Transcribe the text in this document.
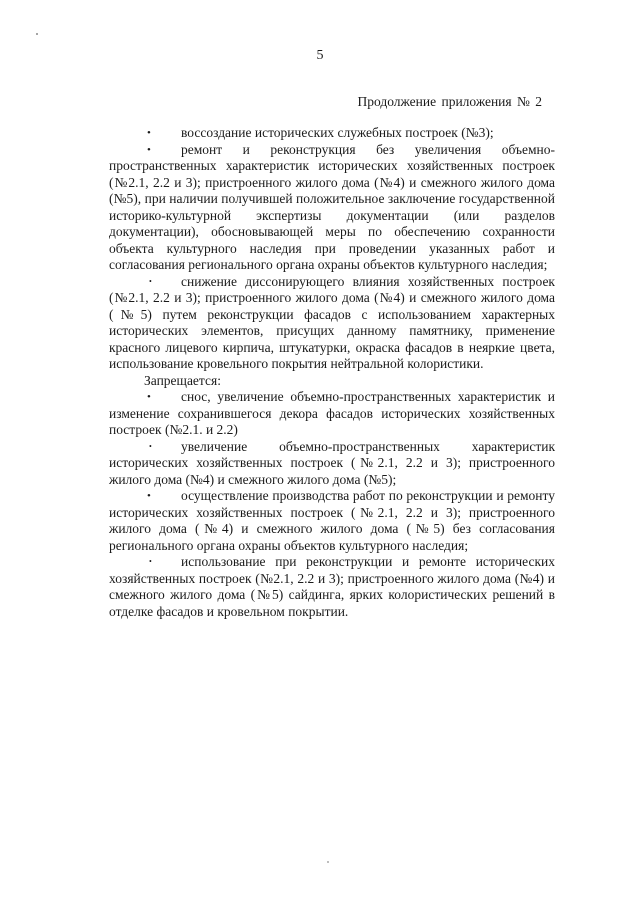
5
Продолжение приложения № 2

• воссоздание исторических служебных построек (№3);

• ремонт и реконструкция без увеличения объемно-пространственных характеристик исторических хозяйственных построек (№2.1, 2.2 и 3); пристроенного жилого дома (№4) и смежного жилого дома (№5), при наличии получившей положительное заключение государственной историко-культурной экспертизы документации (или разделов документации), обосновывающей меры по обеспечению сохранности объекта культурного наследия при проведении указанных работ и согласования регионального органа охраны объектов культурного наследия;

• снижение диссонирующего влияния хозяйственных построек (№2.1, 2.2 и 3); пристроенного жилого дома (№4) и смежного жилого дома (№5) путем реконструкции фасадов с использованием характерных исторических элементов, присущих данному памятнику, применение красного лицевого кирпича, штукатурки, окраска фасадов в неяркие цвета, использование кровельного покрытия нейтральной колористики.

Запрещается:

• снос, увеличение объемно-пространственных характеристик и изменение сохранившегося декора фасадов исторических хозяйственных построек (№2.1. и 2.2)

• увеличение объемно-пространственных характеристик исторических хозяйственных построек (№2.1, 2.2 и 3); пристроенного жилого дома (№4) и смежного жилого дома (№5);

• осуществление производства работ по реконструкции и ремонту исторических хозяйственных построек (№2.1, 2.2 и 3); пристроенного жилого дома (№4) и смежного жилого дома (№5) без согласования регионального органа охраны объектов культурного наследия;

• использование при реконструкции и ремонте исторических хозяйственных построек (№2.1, 2.2 и 3); пристроенного жилого дома (№4) и смежного жилого дома (№5) сайдинга, ярких колористических решений в отделке фасадов и кровельном покрытии.
